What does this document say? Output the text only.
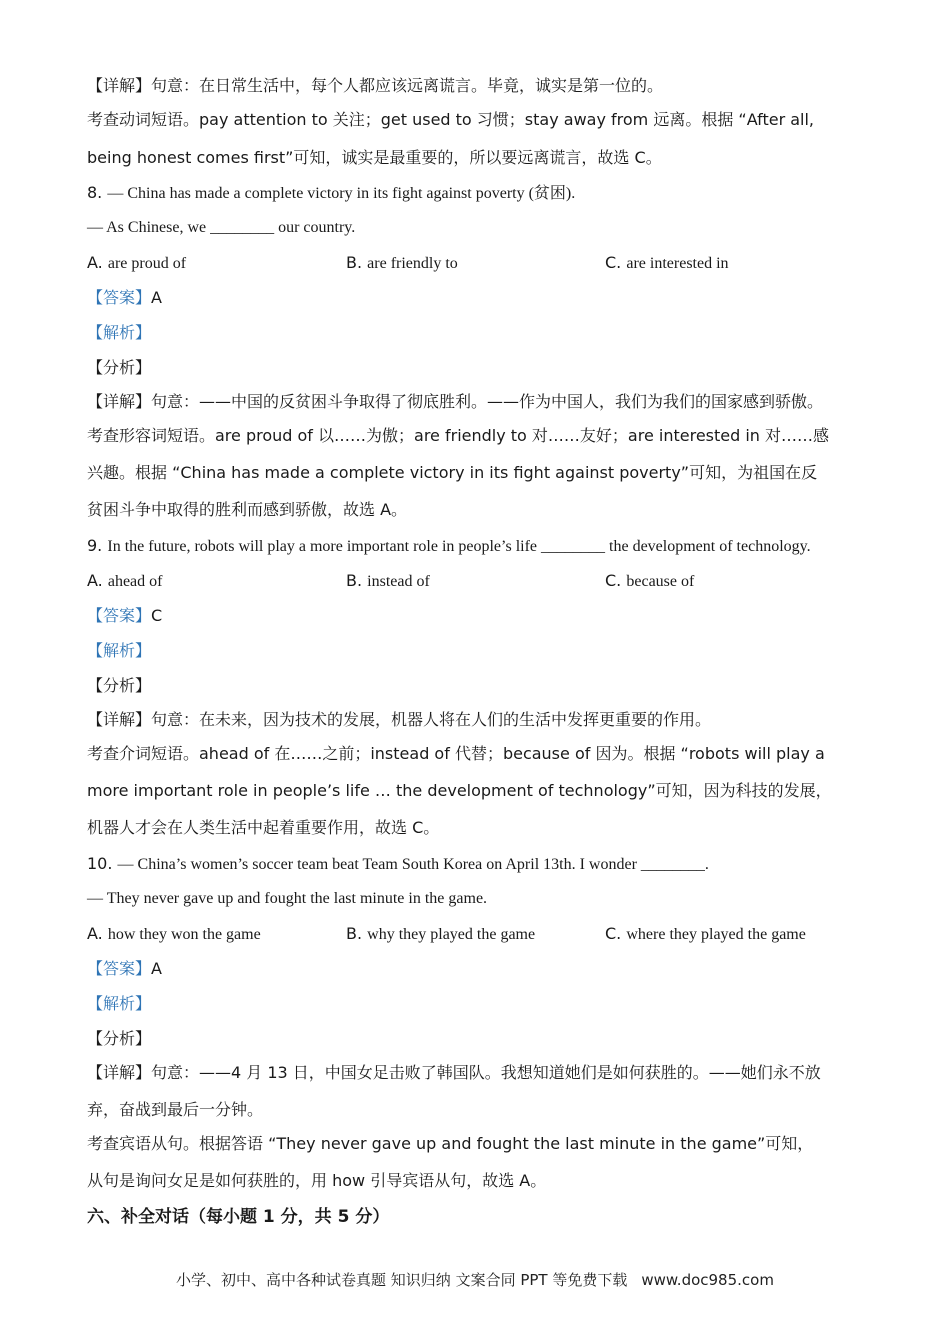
【详解】句意：在日常生活中，每个人都应该远离谎言。毕竟，诚实是第一位的。
考查动词短语。pay attention to 关注；get used to 习惯；stay away from 远离。根据 “After all,
being honest comes first”可知，诚实是最重要的，所以要远离谎言，故选 C。
8. — China has made a complete victory in its fight against poverty (贫困).
— As Chinese, we ________ our country.
A. are proud of	B. are friendly to	C. are interested in
【答案】A
【解析】
【分析】
【详解】句意：——中国的反贫困斗争取得了彻底胜利。——作为中国人，我们为我们的国家感到骄傲。
考查形容词短语。are proud of 以……为傲；are friendly to 对……友好；are interested in 对……感
兴趣。根据 “China has made a complete victory in its fight against poverty”可知，为祖国在反
贫困斗争中取得的胜利而感到骄傲，故选 A。
9. In the future, robots will play a more important role in people’s life ________ the development of technology.
A. ahead of	B. instead of	C. because of
【答案】C
【解析】
【分析】
【详解】句意：在未来，因为技术的发展，机器人将在人们的生活中发挥更重要的作用。
考查介词短语。ahead of 在……之前；instead of 代替；because of 因为。根据 “robots will play a
more important role in people’s life … the development of technology”可知，因为科技的发展，
机器人才会在人类生活中起着重要作用，故选 C。
10. — China’s women’s soccer team beat Team South Korea on April 13th. I wonder ________.
— They never gave up and fought the last minute in the game.
A. how they won the game	B. why they played the game	C. where they played the game
【答案】A
【解析】
【分析】
【详解】句意：——4 月 13 日，中国女足击败了韩国队。我想知道她们是如何获胜的。——她们永不放
弃，奋战到最后一分钟。
考查宾语从句。根据答语 “They never gave up and fought the last minute in the game”可知，
从句是询问女足是如何获胜的，用 how 引导宾语从句，故选 A。
六、补全对话（每小题 1 分，共 5 分）
小学、初中、高中各种试卷真题 知识归纳 文案合同 PPT 等免费下载 www.doc985.com
